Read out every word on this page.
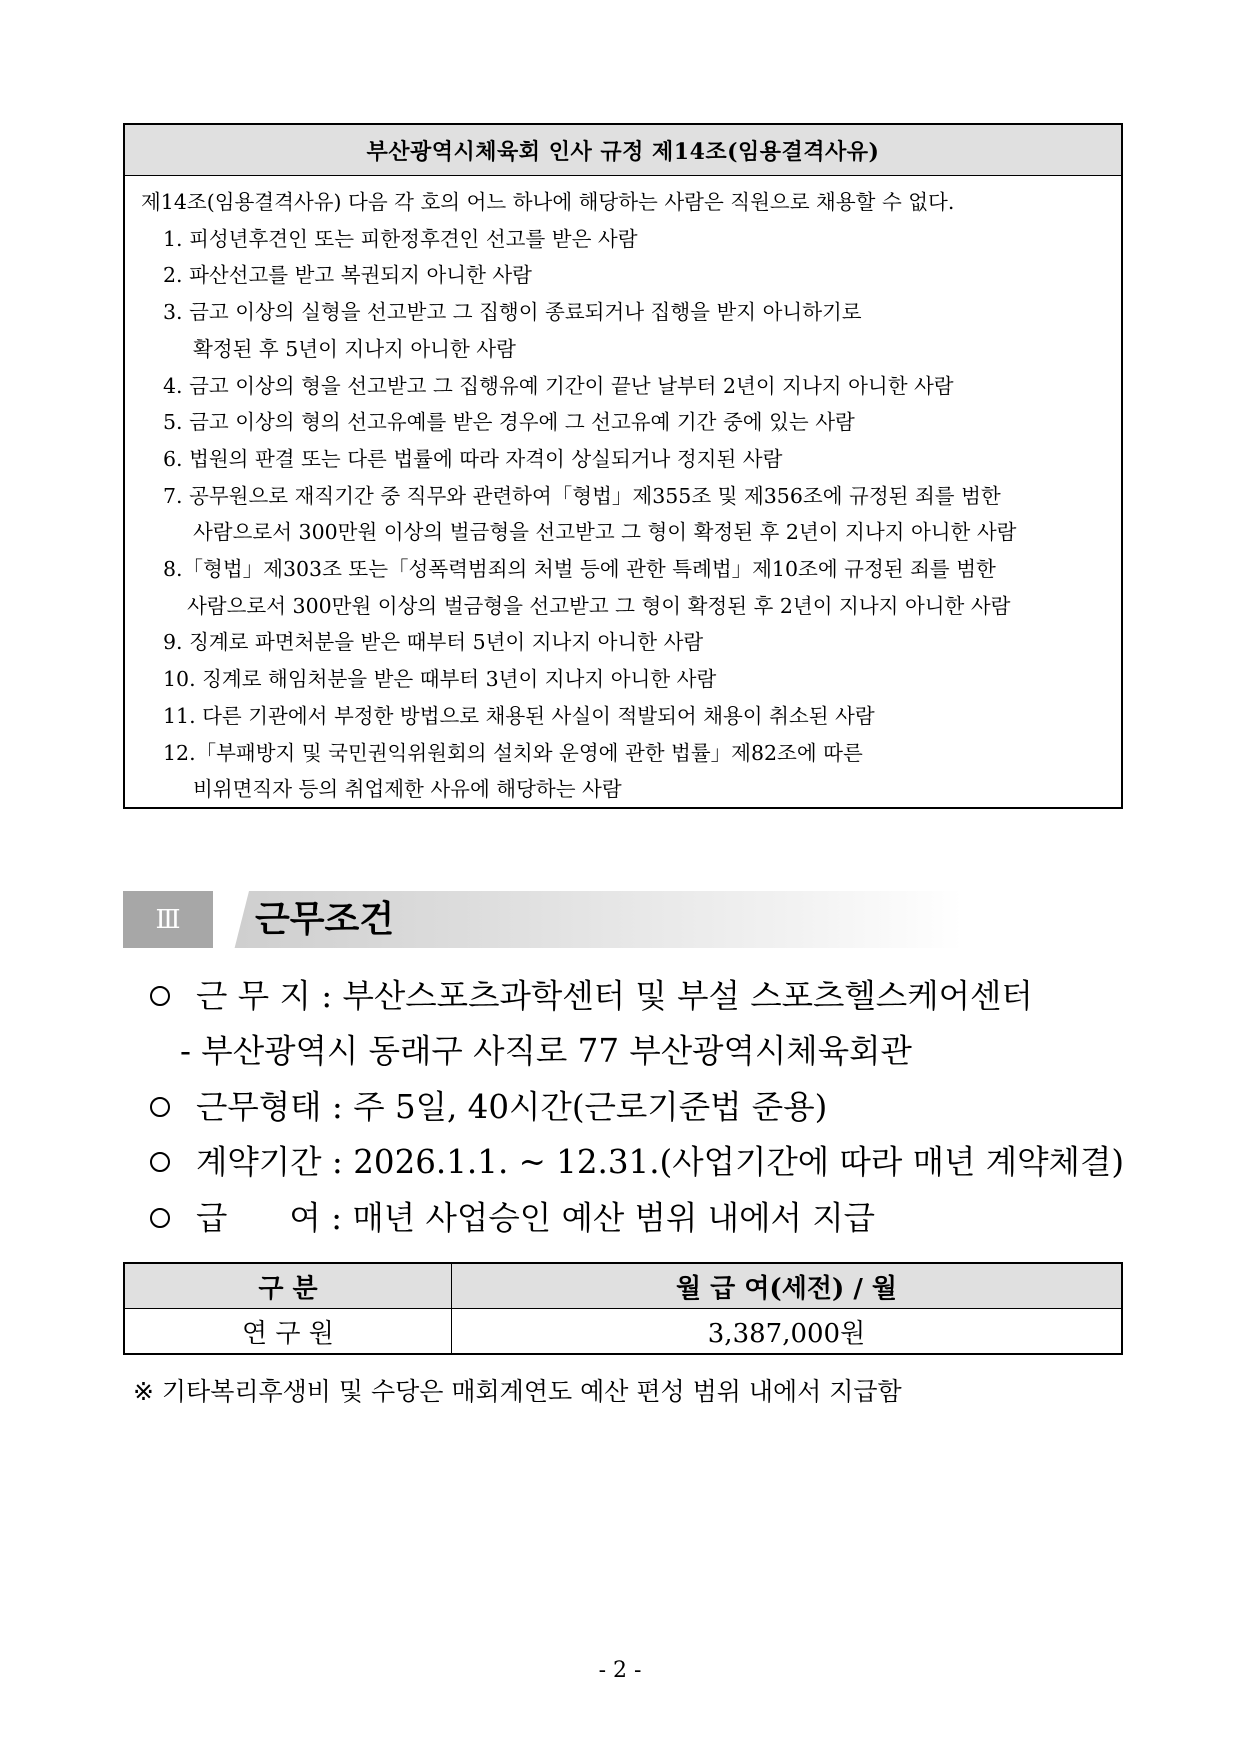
부산광역시체육회 인사 규정 제14조(임용결격사유)
제14조(임용결격사유) 다음 각 호의 어느 하나에 해당하는 사람은 직원으로 채용할 수 없다.
1. 피성년후견인 또는 피한정후견인 선고를 받은 사람
2. 파산선고를 받고 복권되지 아니한 사람
3. 금고 이상의 실형을 선고받고 그 집행이 종료되거나 집행을 받지 아니하기로
확정된 후 5년이 지나지 아니한 사람
4. 금고 이상의 형을 선고받고 그 집행유예 기간이 끝난 날부터 2년이 지나지 아니한 사람
5. 금고 이상의 형의 선고유예를 받은 경우에 그 선고유예 기간 중에 있는 사람
6. 법원의 판결 또는 다른 법률에 따라 자격이 상실되거나 정지된 사람
7. 공무원으로 재직기간 중 직무와 관련하여「형법」제355조 및 제356조에 규정된 죄를 범한
사람으로서 300만원 이상의 벌금형을 선고받고 그 형이 확정된 후 2년이 지나지 아니한 사람
8.「형법」제303조 또는「성폭력범죄의 처벌 등에 관한 특례법」제10조에 규정된 죄를 범한
사람으로서 300만원 이상의 벌금형을 선고받고 그 형이 확정된 후 2년이 지나지 아니한 사람
9. 징계로 파면처분을 받은 때부터 5년이 지나지 아니한 사람
10. 징계로 해임처분을 받은 때부터 3년이 지나지 아니한 사람
11. 다른 기관에서 부정한 방법으로 채용된 사실이 적발되어 채용이 취소된 사람
12.「부패방지 및 국민권익위원회의 설치와 운영에 관한 법률」제82조에 따른
비위면직자 등의 취업제한 사유에 해당하는 사람
Ⅲ	근무조건
근 무 지 : 부산스포츠과학센터 및 부설 스포츠헬스케어센터
- 부산광역시 동래구 사직로 77 부산광역시체육회관
근무형태 : 주 5일, 40시간(근로기준법 준용)
계약기간 : 2026.1.1. ~ 12.31.(사업기간에 따라 매년 계약체결)
급      여 : 매년 사업승인 예산 범위 내에서 지급
구 분	월 급 여(세전) / 월
연 구 원	3,387,000원
※ 기타복리후생비 및 수당은 매회계연도 예산 편성 범위 내에서 지급함
- 2 -
